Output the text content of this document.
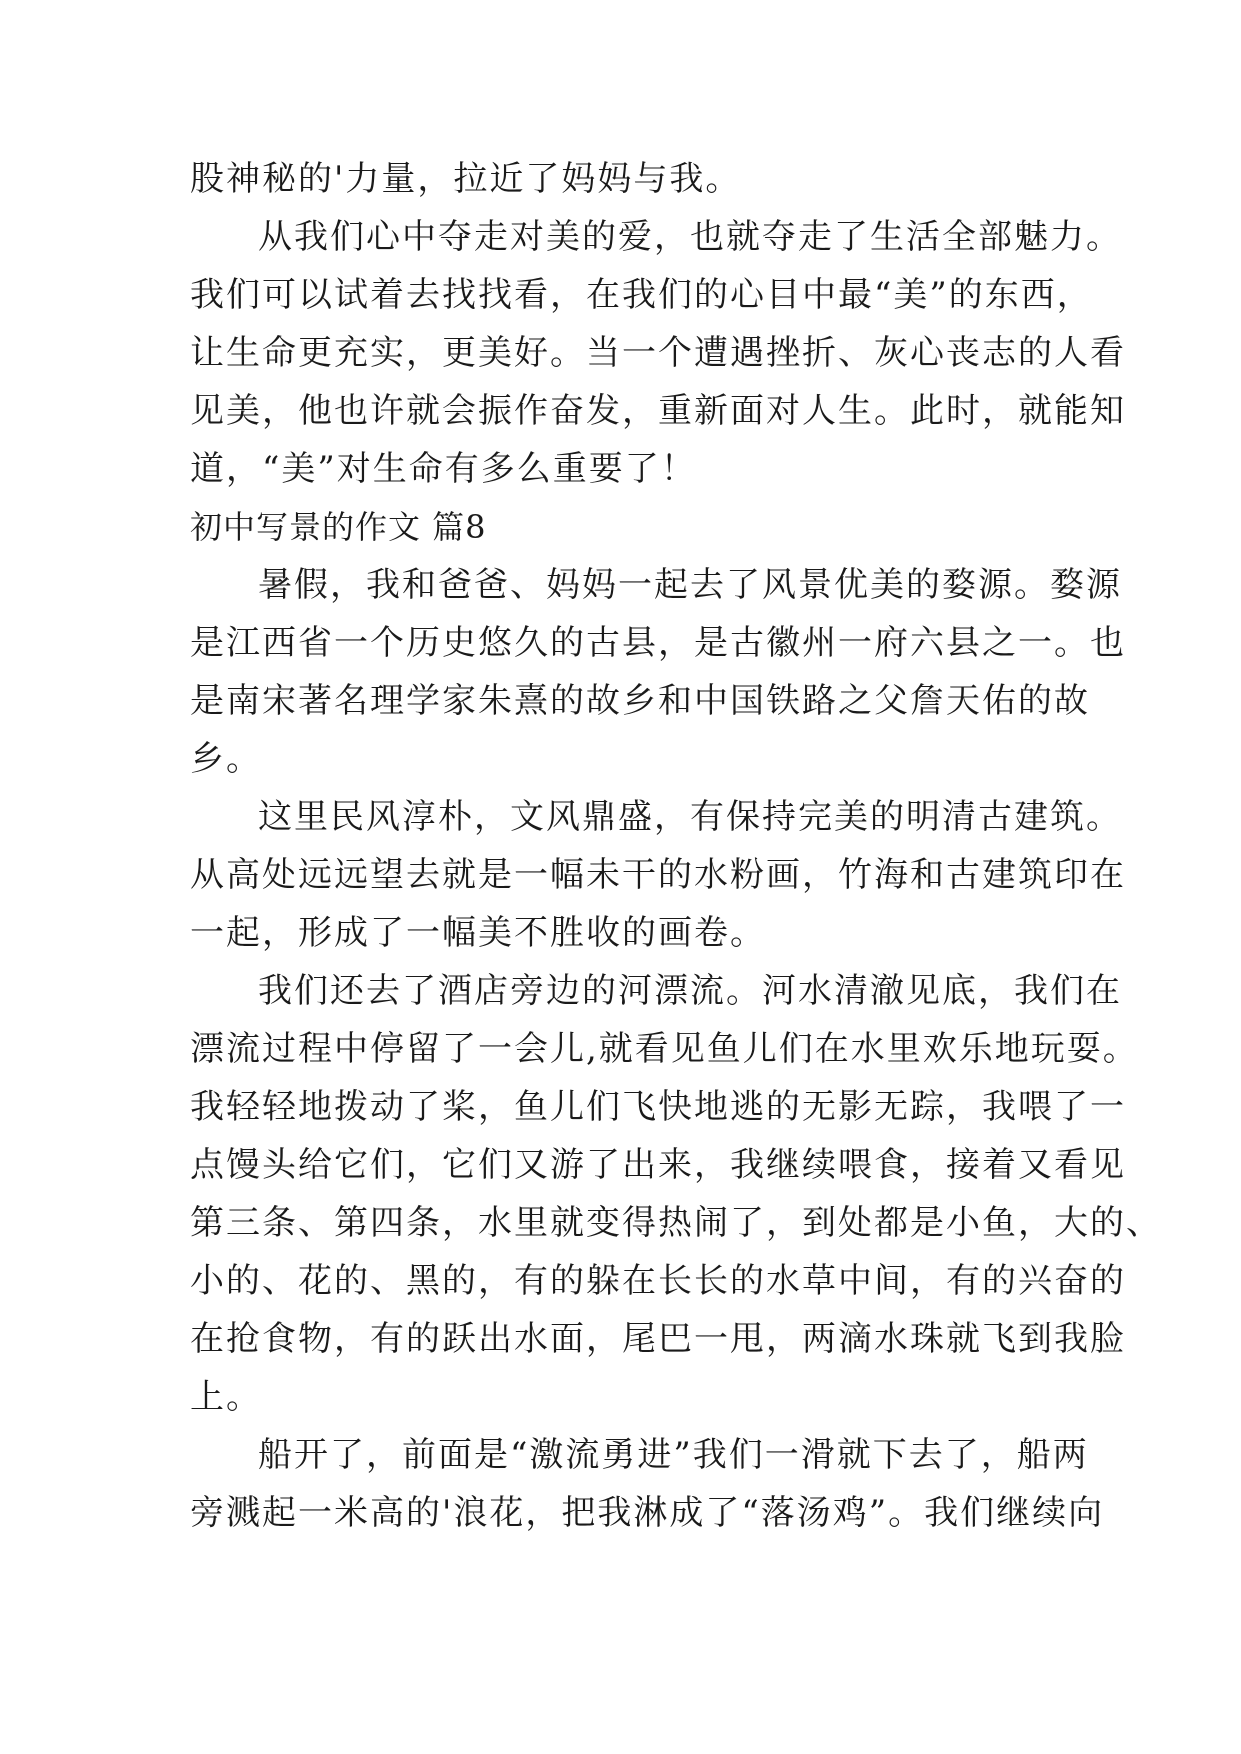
股神秘的'力量，拉近了妈妈与我。
从我们心中夺走对美的爱，也就夺走了生活全部魅力。
我们可以试着去找找看，在我们的心目中最“美”的东西，
让生命更充实，更美好。当一个遭遇挫折、灰心丧志的人看
见美，他也许就会振作奋发，重新面对人生。此时，就能知
道，“美”对生命有多么重要了！
初中写景的作文 篇8
暑假，我和爸爸、妈妈一起去了风景优美的婺源。婺源
是江西省一个历史悠久的古县，是古徽州一府六县之一。也
是南宋著名理学家朱熹的故乡和中国铁路之父詹天佑的故
乡。
这里民风淳朴，文风鼎盛，有保持完美的明清古建筑。
从高处远远望去就是一幅未干的水粉画，竹海和古建筑印在
一起，形成了一幅美不胜收的画卷。
我们还去了酒店旁边的河漂流。河水清澈见底，我们在
漂流过程中停留了一会儿,就看见鱼儿们在水里欢乐地玩耍。
我轻轻地拨动了桨，鱼儿们飞快地逃的无影无踪，我喂了一
点馒头给它们，它们又游了出来，我继续喂食，接着又看见
第三条、第四条，水里就变得热闹了，到处都是小鱼，大的、
小的、花的、黑的，有的躲在长长的水草中间，有的兴奋的
在抢食物，有的跃出水面，尾巴一甩，两滴水珠就飞到我脸
上。
船开了，前面是“激流勇进”我们一滑就下去了，船两
旁溅起一米高的'浪花，把我淋成了“落汤鸡”。我们继续向
